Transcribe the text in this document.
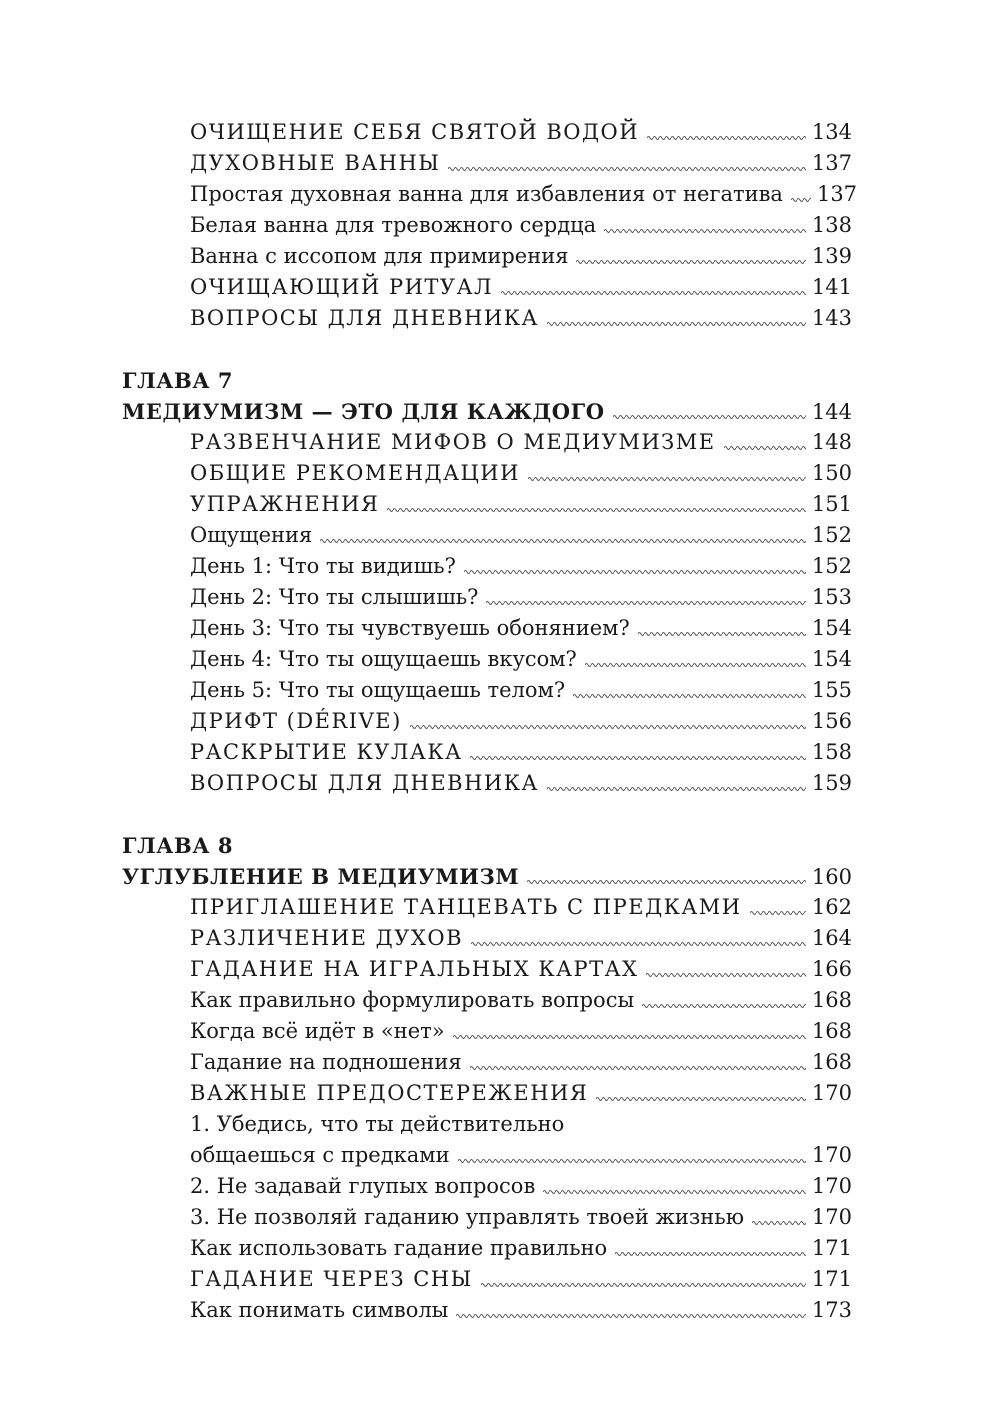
ОЧИЩЕНИЕ СЕБЯ СВЯТОЙ ВОДОЙ	134
ДУХОВНЫЕ ВАННЫ	137
Простая духовная ванна для избавления от негатива 137
Белая ванна для тревожного сердца	138
Ванна с иссопом для примирения	139
ОЧИЩАЮЩИЙ РИТУАЛ	141
ВОПРОСЫ ДЛЯ ДНЕВНИКА	143
ГЛАВА 7
МЕДИУМИЗМ — ЭТО ДЛЯ КАЖДОГО	144
РАЗВЕНЧАНИЕ МИФОВ О МЕДИУМИЗМЕ	148
ОБЩИЕ РЕКОМЕНДАЦИИ	150
УПРАЖНЕНИЯ	151
Ощущения	152
День 1: Что ты видишь?	152
День 2: Что ты слышишь?	153
День 3: Что ты чувствуешь обонянием?	154
День 4: Что ты ощущаешь вкусом?	154
День 5: Что ты ощущаешь телом?	155
ДРИФТ (DÉRIVE)	156
РАСКРЫТИЕ КУЛАКА	158
ВОПРОСЫ ДЛЯ ДНЕВНИКА	159
ГЛАВА 8
УГЛУБЛЕНИЕ В МЕДИУМИЗМ	160
ПРИГЛАШЕНИЕ ТАНЦЕВАТЬ С ПРЕДКАМИ	162
РАЗЛИЧЕНИЕ ДУХОВ	164
ГАДАНИЕ НА ИГРАЛЬНЫХ КАРТАХ	166
Как правильно формулировать вопросы	168
Когда всё идёт в «нет»	168
Гадание на подношения	168
ВАЖНЫЕ ПРЕДОСТЕРЕЖЕНИЯ	170
1. Убедись, что ты действительно
общаешься с предками	170
2. Не задавай глупых вопросов	170
3. Не позволяй гаданию управлять твоей жизнью	170
Как использовать гадание правильно	171
ГАДАНИЕ ЧЕРЕЗ СНЫ	171
Как понимать символы	173
